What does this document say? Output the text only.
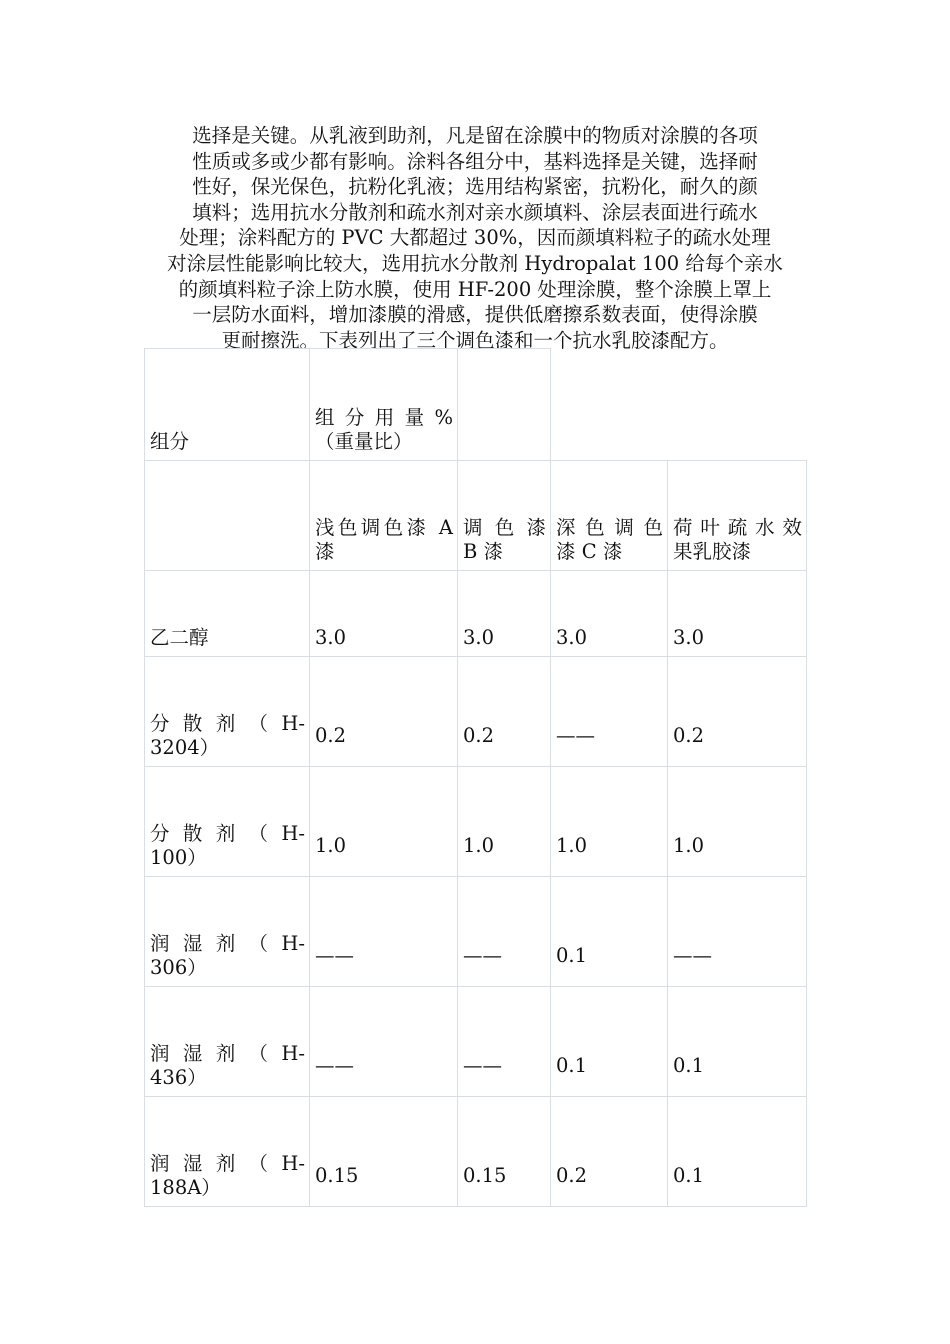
选择是关键。从乳液到助剂，凡是留在涂膜中的物质对涂膜的各项
性质或多或少都有影响。涂料各组分中，基料选择是关键，选择耐
性好，保光保色，抗粉化乳液；选用结构紧密，抗粉化，耐久的颜
填料；选用抗水分散剂和疏水剂对亲水颜填料、涂层表面进行疏水
处理；涂料配方的 PVC 大都超过 30%，因而颜填料粒子的疏水处理
对涂层性能影响比较大，选用抗水分散剂 Hydropalat 100 给每个亲水
的颜填料粒子涂上防水膜，使用 HF-200 处理涂膜，整个涂膜上罩上
一层防水面料，增加漆膜的滑感，提供低磨擦系数表面，使得涂膜
更耐擦洗。下表列出了三个调色漆和一个抗水乳胶漆配方。
组分	组 分 用 量 %（重量比）			
	浅色调色漆 A 漆	调 色 漆 B 漆	深 色 调 色 漆 C 漆	荷 叶 疏 水 效 果乳胶漆
乙二醇	3.0	3.0	3.0	3.0
分 散 剂 （ H-3204）	0.2	0.2	——	0.2
分 散 剂 （ H-100）	1.0	1.0	1.0	1.0
润 湿 剂 （ H-306）	——	——	0.1	——
润 湿 剂 （ H-436）	——	——	0.1	0.1
润 湿 剂 （ H-188A）	0.15	0.15	0.2	0.1
